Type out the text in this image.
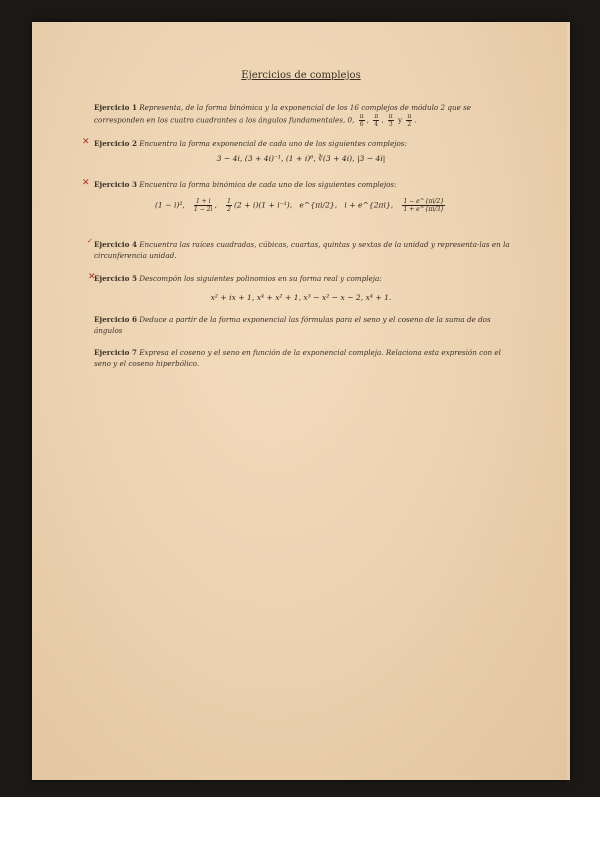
Ejercicios de complejos
Ejercicio 1 Representa, de la forma binómica y la exponencial de los 16 complejos de módulo 2 que se corresponden en los cuatro cuadrantes a los ángulos fundamentales, 0, $\frac{\pi}{6}$ , $\frac{\pi}{4}$ , $\frac{\pi}{3}$ y $\frac{\pi}{2}$ .
✕ Ejercicio 2 Encuentra la forma exponencial de cada uno de los siguientes complejos:
3 − 4i, (3 + 4i)⁻¹, (1 + i)⁶, ∛(3 + 4i), |3 − 4i|
✕ Ejercicio 3 Encuentra la forma binómica de cada uno de los siguientes complejos:
(1 − i)², $\frac{1 + i}{1 - 2i}$ , $\frac{1}{2} (2 + i)(1 + i^{-1})$, e^{πi/2}, i + e^{2πi}, $\frac{1 - e\^{}\{\pi i/2\}}{1 + e\^{}\{\pi i/3\}}$
✓ Ejercicio 4 Encuentra las raíces cuadradas, cúbicas, cuartas, quintas y sextas de la unidad y representa-las en la circunferencia unidad.
✕
Ejercicio 5 Descompón los siguientes polinomios en su forma real y compleja:
x² + ix + 1, x⁴ + x² + 1, x³ − x² − x − 2, x⁴ + 1.
Ejercicio 6 Deduce a partir de la forma exponencial las fórmulas para el seno y el coseno de la suma de dos ángulos
Ejercicio 7 Expresa el coseno y el seno en función de la exponencial compleja. Relaciona esta expresión con el seno y el coseno hiperbólico.
